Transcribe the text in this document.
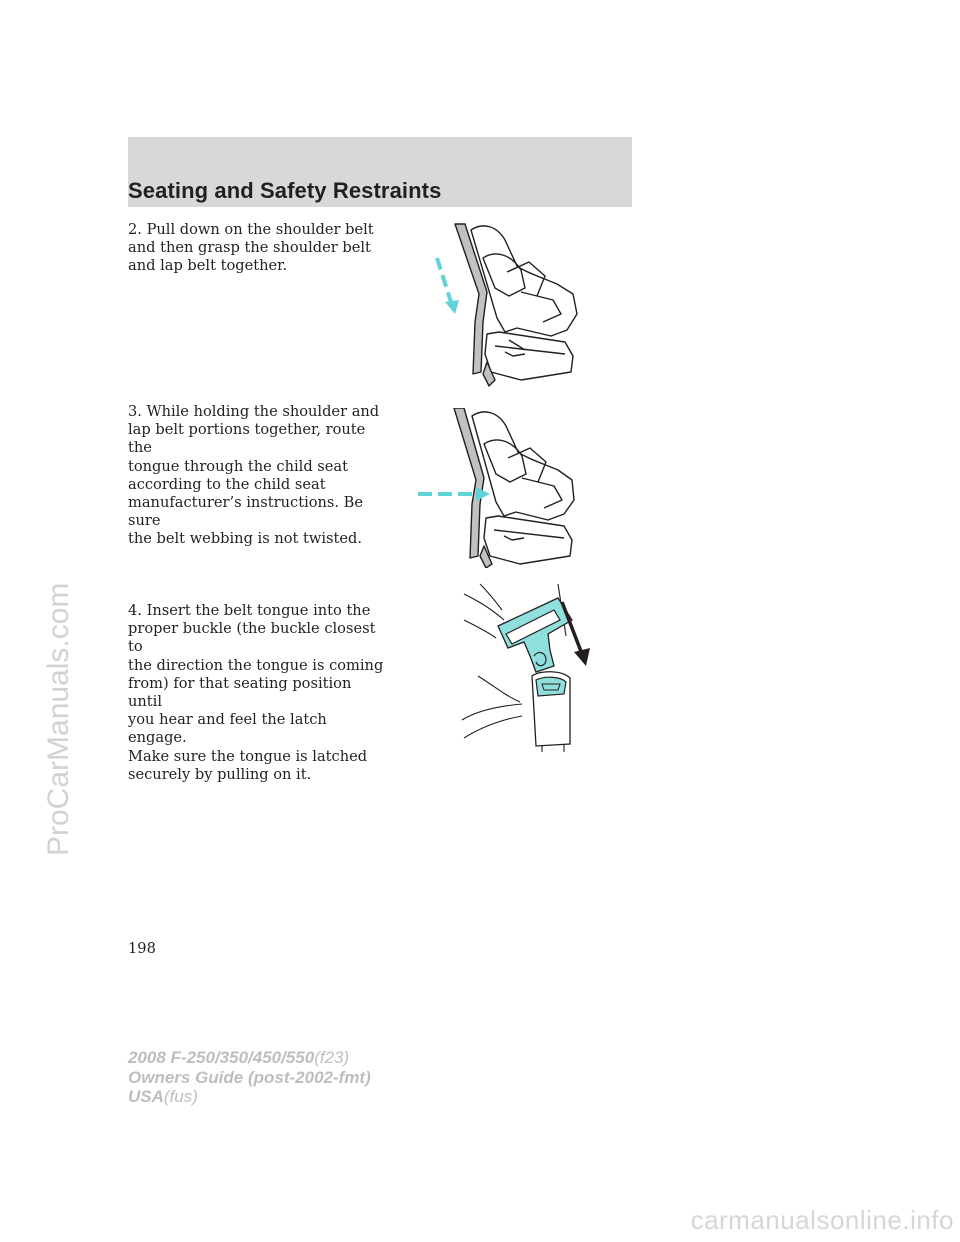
ProCarManuals.com
Seating and Safety Restraints
2. Pull down on the shoulder belt
and then grasp the shoulder belt
and lap belt together.
3. While holding the shoulder and
lap belt portions together, route the
tongue through the child seat
according to the child seat
manufacturer’s instructions. Be sure
the belt webbing is not twisted.
4. Insert the belt tongue into the
proper buckle (the buckle closest to
the direction the tongue is coming
from) for that seating position until
you hear and feel the latch engage.
Make sure the tongue is latched
securely by pulling on it.
198
2008 F-250/350/450/550(f23)
Owners Guide (post-2002-fmt)
USA(fus)
carmanualsonline.info
